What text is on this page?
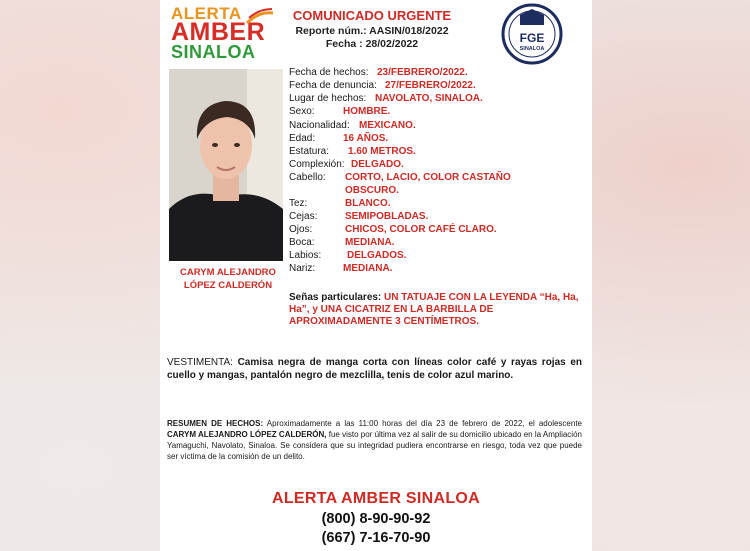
ALERTA
AMBER
SINALOA
COMUNICADO URGENTE
Reporte núm.: AASIN/018/2022
Fecha : 28/02/2022	FGE
SINALOA
CARYM ALEJANDRO
LÓPEZ CALDERÓN
Fecha de hechos: 23/FEBRERO/2022.
Fecha de denuncia: 27/FEBRERO/2022.
Lugar de hechos: NAVOLATO, SINALOA.
Sexo:	HOMBRE.
Nacionalidad: MEXICANO.
Edad:	16 AÑOS.
Estatura: 1.60 METROS.
Complexión: DELGADO.
Cabello: CORTO, LACIO, COLOR CASTAÑO
OBSCURO.
Tez:	BLANCO.
Cejas:	SEMIPOBLADAS.
Ojos:	CHICOS, COLOR CAFÉ CLARO.
Boca:	MEDIANA.
Labios:	DELGADOS.
Nariz:	MEDIANA.
Señas particulares: UN TATUAJE CON LA LEYENDA “Ha, Ha, Ha”, y UNA CICATRIZ EN LA BARBILLA DE APROXIMADAMENTE 3 CENTÍMETROS.
VESTIMENTA: Camisa negra de manga corta con líneas color café y rayas rojas en cuello y mangas, pantalón negro de mezclilla, tenis de color azul marino.
RESUMEN DE HECHOS: Aproximadamente a las 11:00 horas del día 23 de febrero de 2022, el adolescente CARYM ALEJANDRO LÓPEZ CALDERÓN, fue visto por última vez al salir de su domicilio ubicado en la Ampliación Yamaguchi, Navolato, Sinaloa. Se considera que su integridad pudiera encontrarse en riesgo, toda vez que puede ser víctima de la comisión de un delito.
ALERTA AMBER SINALOA
(800) 8-90-90-92
(667) 7-16-70-90
